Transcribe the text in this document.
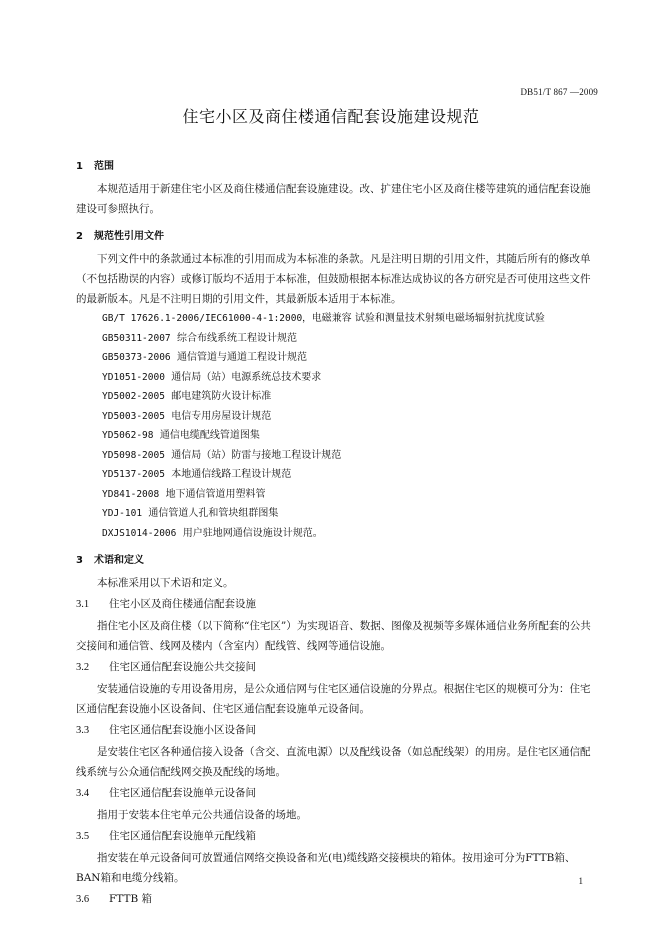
DB51/T 867 —2009
住宅小区及商住楼通信配套设施建设规范
1 范围

本规范适用于新建住宅小区及商住楼通信配套设施建设。改、扩建住宅小区及商住楼等建筑的通信配套设施建设可参照执行。

2 规范性引用文件

下列文件中的条款通过本标准的引用而成为本标准的条款。凡是注明日期的引用文件，其随后所有的修改单（不包括勘误的内容）或修订版均不适用于本标准，但鼓励根据本标准达成协议的各方研究是否可使用这些文件的最新版本。凡是不注明日期的引用文件，其最新版本适用于本标准。

GB/T 17626.1-2006/IEC61000-4-1:2000，电磁兼容 试验和测量技术射频电磁场辐射抗扰度试验

GB50311-2007 综合布线系统工程设计规范

GB50373-2006 通信管道与通道工程设计规范

YD1051-2000 通信局（站）电源系统总技术要求

YD5002-2005 邮电建筑防火设计标准

YD5003-2005 电信专用房屋设计规范

YD5062-98 通信电缆配线管道图集

YD5098-2005 通信局（站）防雷与接地工程设计规范

YD5137-2005 本地通信线路工程设计规范

YD841-2008 地下通信管道用塑料管

YDJ-101 通信管道人孔和管块组群图集

DXJS1014-2006 用户驻地网通信设施设计规范。

3 术语和定义

本标准采用以下术语和定义。

3.1 住宅小区及商住楼通信配套设施

指住宅小区及商住楼（以下简称“住宅区”）为实现语音、数据、图像及视频等多媒体通信业务所配套的公共交接间和通信管、线网及楼内（含室内）配线管、线网等通信设施。

3.2 住宅区通信配套设施公共交接间

安装通信设施的专用设备用房，是公众通信网与住宅区通信设施的分界点。根据住宅区的规模可分为：住宅区通信配套设施小区设备间、住宅区通信配套设施单元设备间。

3.3 住宅区通信配套设施小区设备间

是安装住宅区各种通信接入设备（含交、直流电源）以及配线设备（如总配线架）的用房。是住宅区通信配线系统与公众通信配线网交换及配线的场地。

3.4 住宅区通信配套设施单元设备间

指用于安装本住宅单元公共通信设备的场地。

3.5 住宅区通信配套设施单元配线箱

指安装在单元设备间可放置通信网络交换设备和光(电)缆线路交接模块的箱体。按用途可分为FTTB箱、BAN箱和电缆分线箱。

3.6 FTTB 箱
1
